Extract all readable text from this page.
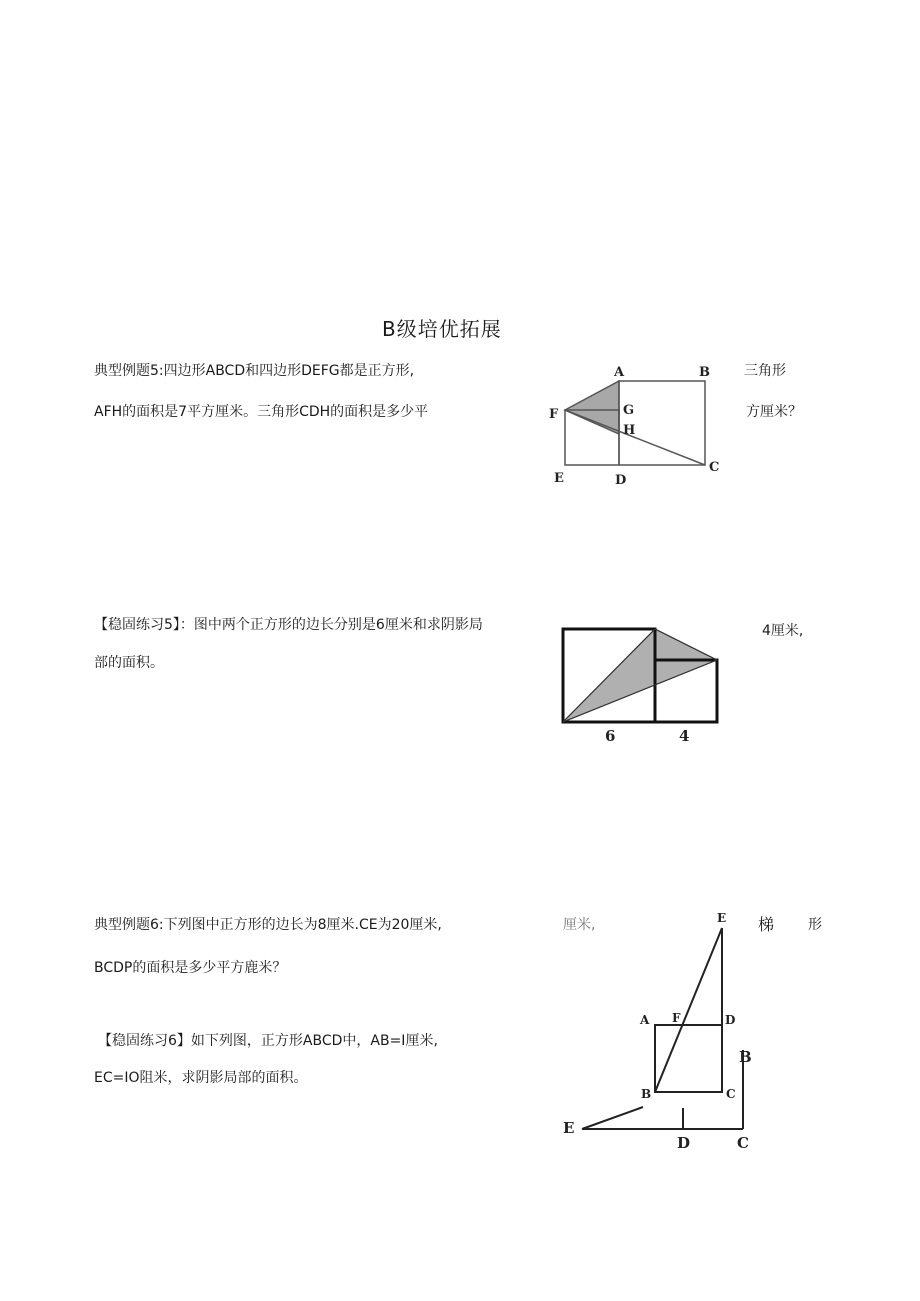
B级培优拓展
典型例题5:四边形ABCD和四边形DEFG都是正方形,
AFH的面积是7平方厘米。三角形CDH的面积是多少平
三角形
方厘米？
A	B
C
D
E
F	G
H
【稳固练习5】：图中两个正方形的边长分别是6厘米和求阴影局
部的面积。
4厘米,
6	4
典型例题6:下列图中正方形的边长为8厘米.CE为20厘米,
BCDP的面积是多少平方鹿米？
厘米,	梯 形
E
A F	D
B	C
【稳固练习6】如下列图，正方形ABCD中，AB=I厘米,
EC=IO阻米，求阴影局部的面积。
B
E
D	C
